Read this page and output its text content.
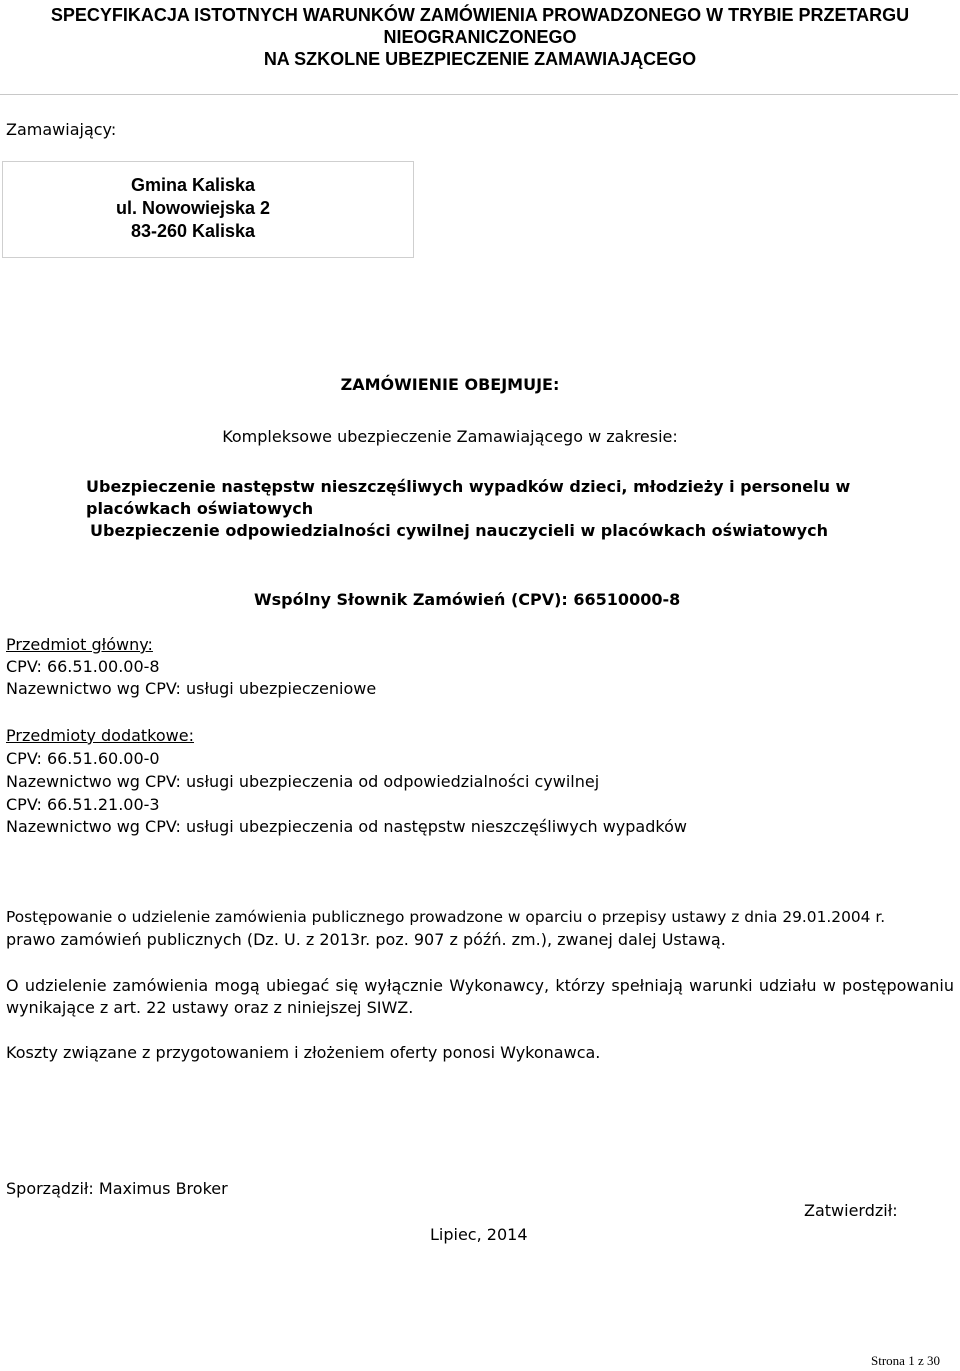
SPECYFIKACJA ISTOTNYCH WARUNKÓW ZAMÓWIENIA PROWADZONEGO W TRYBIE PRZETARGU
NIEOGRANICZONEGO
NA SZKOLNE UBEZPIECZENIE ZAMAWIAJĄCEGO
Zamawiający:
Gmina Kaliska
ul. Nowowiejska 2
83-260 Kaliska
ZAMÓWIENIE OBEJMUJE:
Kompleksowe ubezpieczenie Zamawiającego w zakresie:
Ubezpieczenie następstw nieszczęśliwych wypadków dzieci, młodzieży i personelu w
placówkach oświatowych
Ubezpieczenie odpowiedzialności cywilnej nauczycieli w placówkach oświatowych
Wspólny Słownik Zamówień (CPV): 66510000-8
Przedmiot główny:
CPV: 66.51.00.00-8
Nazewnictwo wg CPV: usługi ubezpieczeniowe
Przedmioty dodatkowe:
CPV: 66.51.60.00-0
Nazewnictwo wg CPV: usługi ubezpieczenia od odpowiedzialności cywilnej
CPV: 66.51.21.00-3
Nazewnictwo wg CPV: usługi ubezpieczenia od następstw nieszczęśliwych wypadków
Postępowanie o udzielenie zamówienia publicznego prowadzone w oparciu o przepisy ustawy z dnia 29.01.2004 r.
prawo zamówień publicznych (Dz. U. z 2013r. poz. 907 z późń. zm.), zwanej dalej Ustawą.
O udzielenie zamówienia mogą ubiegać się wyłącznie Wykonawcy, którzy spełniają warunki udziału w postępowaniu wynikające z art. 22 ustawy oraz z niniejszej SIWZ.
Koszty związane z przygotowaniem i złożeniem oferty ponosi Wykonawca.
Sporządził: Maximus Broker
Zatwierdził:
Lipiec, 2014
Strona 1 z 30
